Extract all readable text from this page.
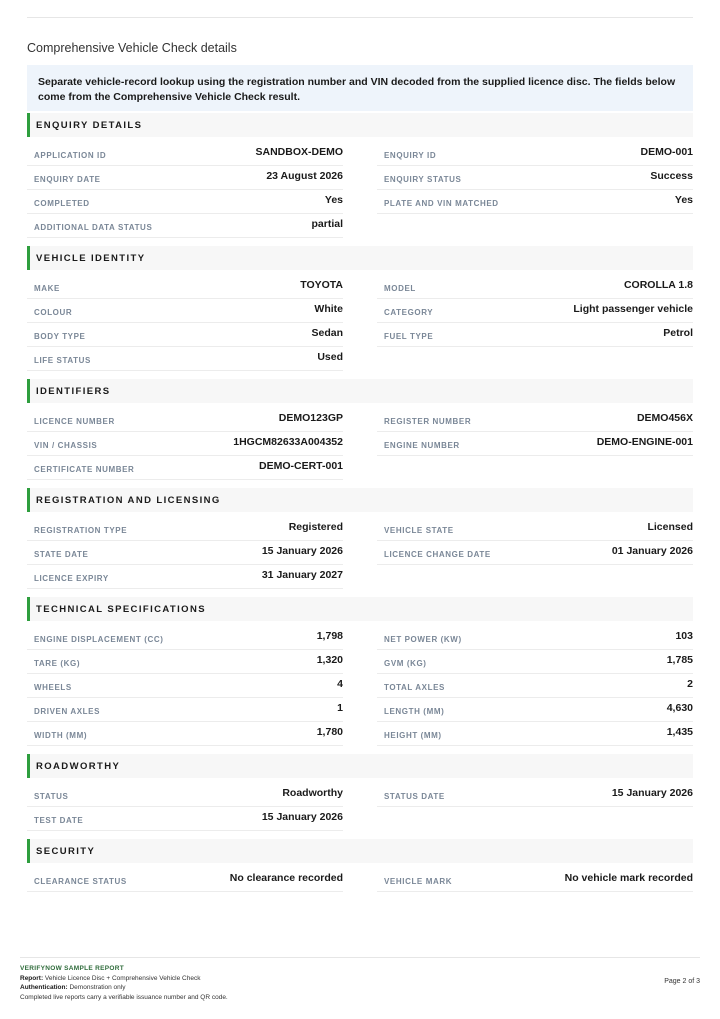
Comprehensive Vehicle Check details
Separate vehicle-record lookup using the registration number and VIN decoded from the supplied licence disc. The fields below come from the Comprehensive Vehicle Check result.
ENQUIRY DETAILS
APPLICATION ID	SANDBOX-DEMO	ENQUIRY ID	DEMO-001
ENQUIRY DATE	23 August 2026	ENQUIRY STATUS	Success
COMPLETED	Yes	PLATE AND VIN MATCHED	Yes
ADDITIONAL DATA STATUS	partial
VEHICLE IDENTITY
MAKE	TOYOTA	MODEL	COROLLA 1.8
COLOUR	White	CATEGORY	Light passenger vehicle
BODY TYPE	Sedan	FUEL TYPE	Petrol
LIFE STATUS	Used
IDENTIFIERS
LICENCE NUMBER	DEMO123GP	REGISTER NUMBER	DEMO456X
VIN / CHASSIS	1HGCM82633A004352	ENGINE NUMBER	DEMO-ENGINE-001
CERTIFICATE NUMBER	DEMO-CERT-001
REGISTRATION AND LICENSING
REGISTRATION TYPE	Registered	VEHICLE STATE	Licensed
STATE DATE	15 January 2026	LICENCE CHANGE DATE	01 January 2026
LICENCE EXPIRY	31 January 2027
TECHNICAL SPECIFICATIONS
ENGINE DISPLACEMENT (CC)	1,798	NET POWER (KW)	103
TARE (KG)	1,320	GVM (KG)	1,785
WHEELS	4	TOTAL AXLES	2
DRIVEN AXLES	1	LENGTH (MM)	4,630
WIDTH (MM)	1,780	HEIGHT (MM)	1,435
ROADWORTHY
STATUS	Roadworthy	STATUS DATE	15 January 2026
TEST DATE	15 January 2026
SECURITY
CLEARANCE STATUS	No clearance recorded	VEHICLE MARK	No vehicle mark recorded
VERIFYNOW SAMPLE REPORT
Report: Vehicle Licence Disc + Comprehensive Vehicle Check
Authentication: Demonstration only
Completed live reports carry a verifiable issuance number and QR code.
Page 2 of 3
